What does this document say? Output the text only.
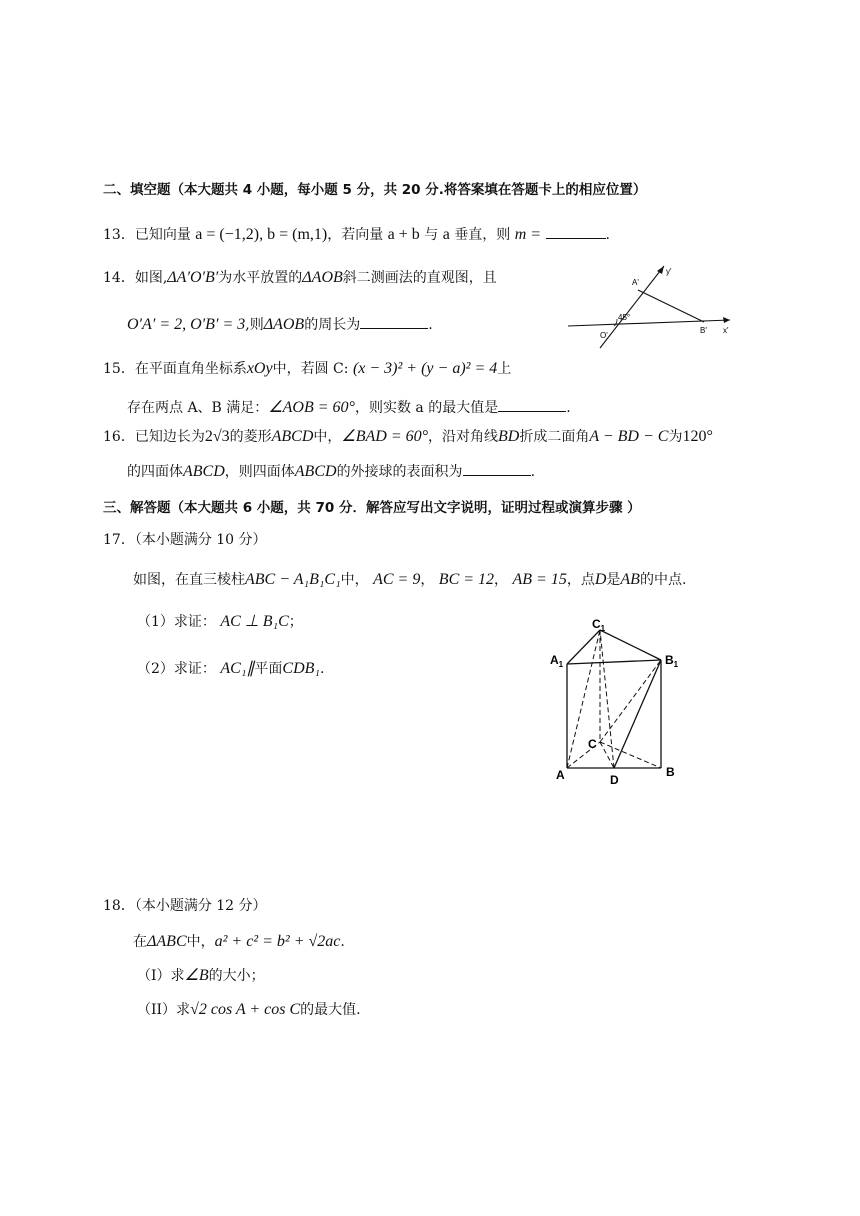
二、填空题（本大题共 4 小题，每小题 5 分，共 20 分.将答案填在答题卡上的相应位置）
13．已知向量 a = (−1,2), b = (m,1)，若向量 a + b 与 a 垂直，则 m =	.
14．如图,ΔA′O′B′为水平放置的ΔAOB斜二测画法的直观图，且
O′A′ = 2, O′B′ = 3,则ΔAOB的周长为	.
A'
y'
45°
O'
B' x'
15．在平面直角坐标系xOy中，若圆 C: (x − 3)² + (y − a)² = 4上
存在两点 A、B 满足：∠AOB = 60°，则实数 a 的最大值是	.
16．已知边长为2√3的菱形ABCD中，∠BAD = 60°，沿对角线BD折成二面角A − BD − C为120°
的四面体ABCD，则四面体ABCD的外接球的表面积为	.
三、解答题（本大题共 6 小题，共 70 分．解答应写出文字说明，证明过程或演算步骤 ）
17．（本小题满分 10 分）
如图，在直三棱柱ABC − A₁B₁C₁中， AC = 9， BC = 12， AB = 15，点D是AB的中点.
（1）求证： AC ⊥ B₁C；
（2）求证： AC₁∥平面CDB₁.
$C_1$
$A_1$	$B_1$
C
A	D
B
18．（本小题满分 12 分）
在ΔABC中，a² + c² = b² + √2ac.
（I）求∠B的大小；
（II）求√2 cos A + cos C的最大值.
